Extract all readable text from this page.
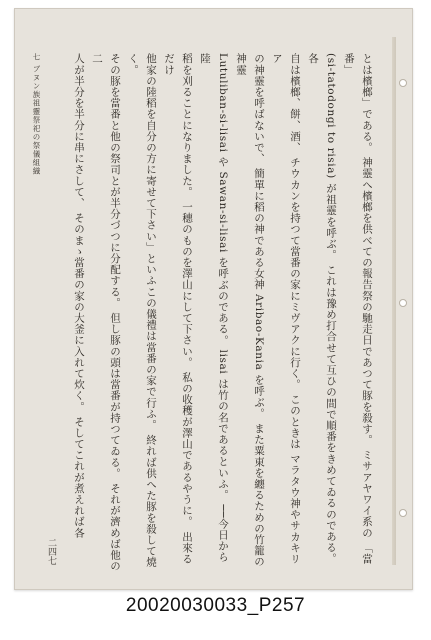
とは檳榔」である。 神靈へ檳榔を供べての報告祭の馳走日であつて豚を殺す。 ミサアヤワイ系の 「當番」

(si-tatodongi to risia) が祖靈を呼ぶ。 これは豫め打合せて互ひの間で順番をきめてゐるのである。 各

自は檳榔、餅、酒、 チウカンを持つて當番の家にミヴアクに行く。 このときは マラタウ神やサカキリア

の神靈を呼ばないで、 簡單に稻の神である女神 Aribao-Kania を呼ぶ。 また粟東を纏るための竹籠の神靈

Lutuliban-si-lisai や Sawan-si-lisai を呼ぶのである。 lisai は竹の名であるといふ。 ──今日から陸

稻を刈ることになりました。 一穗のものを澤山にして下さい。 私の收穫が澤山であるやうに。 出來るだけ

他家の陸稻を自分の方に寄せて下さい」といふこの儀禮は當番の家で行ふ。 終れば供へた豚を殺して燒く。

その豚を當番と他の祭司とが半分づつに分配する。 但し豚の頭は當番が持つてゐる。 それが濟めば他の二

人が半分を半分に串にさして、 そのまゝ當番の家の大釜に入れて炊く。 そしてこれが煮えれば各

七 ブヌン族祖靈祭祀の祭儀組織
二四七
20020030033_P257
